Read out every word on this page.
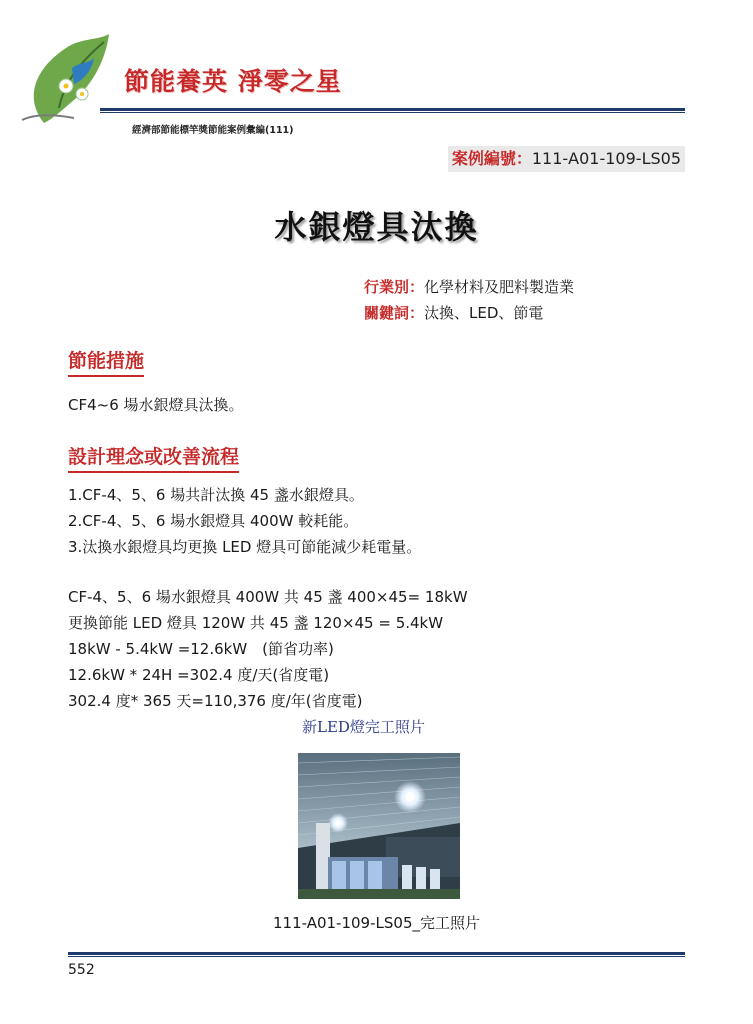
節能養英 淨零之星
經濟部節能標竿獎節能案例彙編(111)
案例編號：111-A01-109-LS05
水銀燈具汰換
行業別：化學材料及肥料製造業
關鍵詞：汰換、LED、節電
節能措施
CF4~6 場水銀燈具汰換。
設計理念或改善流程
1.CF-4、5、6 場共計汰換 45 盞水銀燈具。
2.CF-4、5、6 場水銀燈具 400W 較耗能。
3.汰換水銀燈具均更換 LED 燈具可節能減少耗電量。
CF-4、5、6 場水銀燈具 400W 共 45 盞 400×45= 18kW
更換節能 LED 燈具 120W 共 45 盞 120×45 = 5.4kW
18kW - 5.4kW =12.6kW　(節省功率)
12.6kW * 24H =302.4 度/天(省度電)
302.4 度* 365 天=110,376 度/年(省度電)
新LED燈完工照片
111-A01-109-LS05_完工照片
552
